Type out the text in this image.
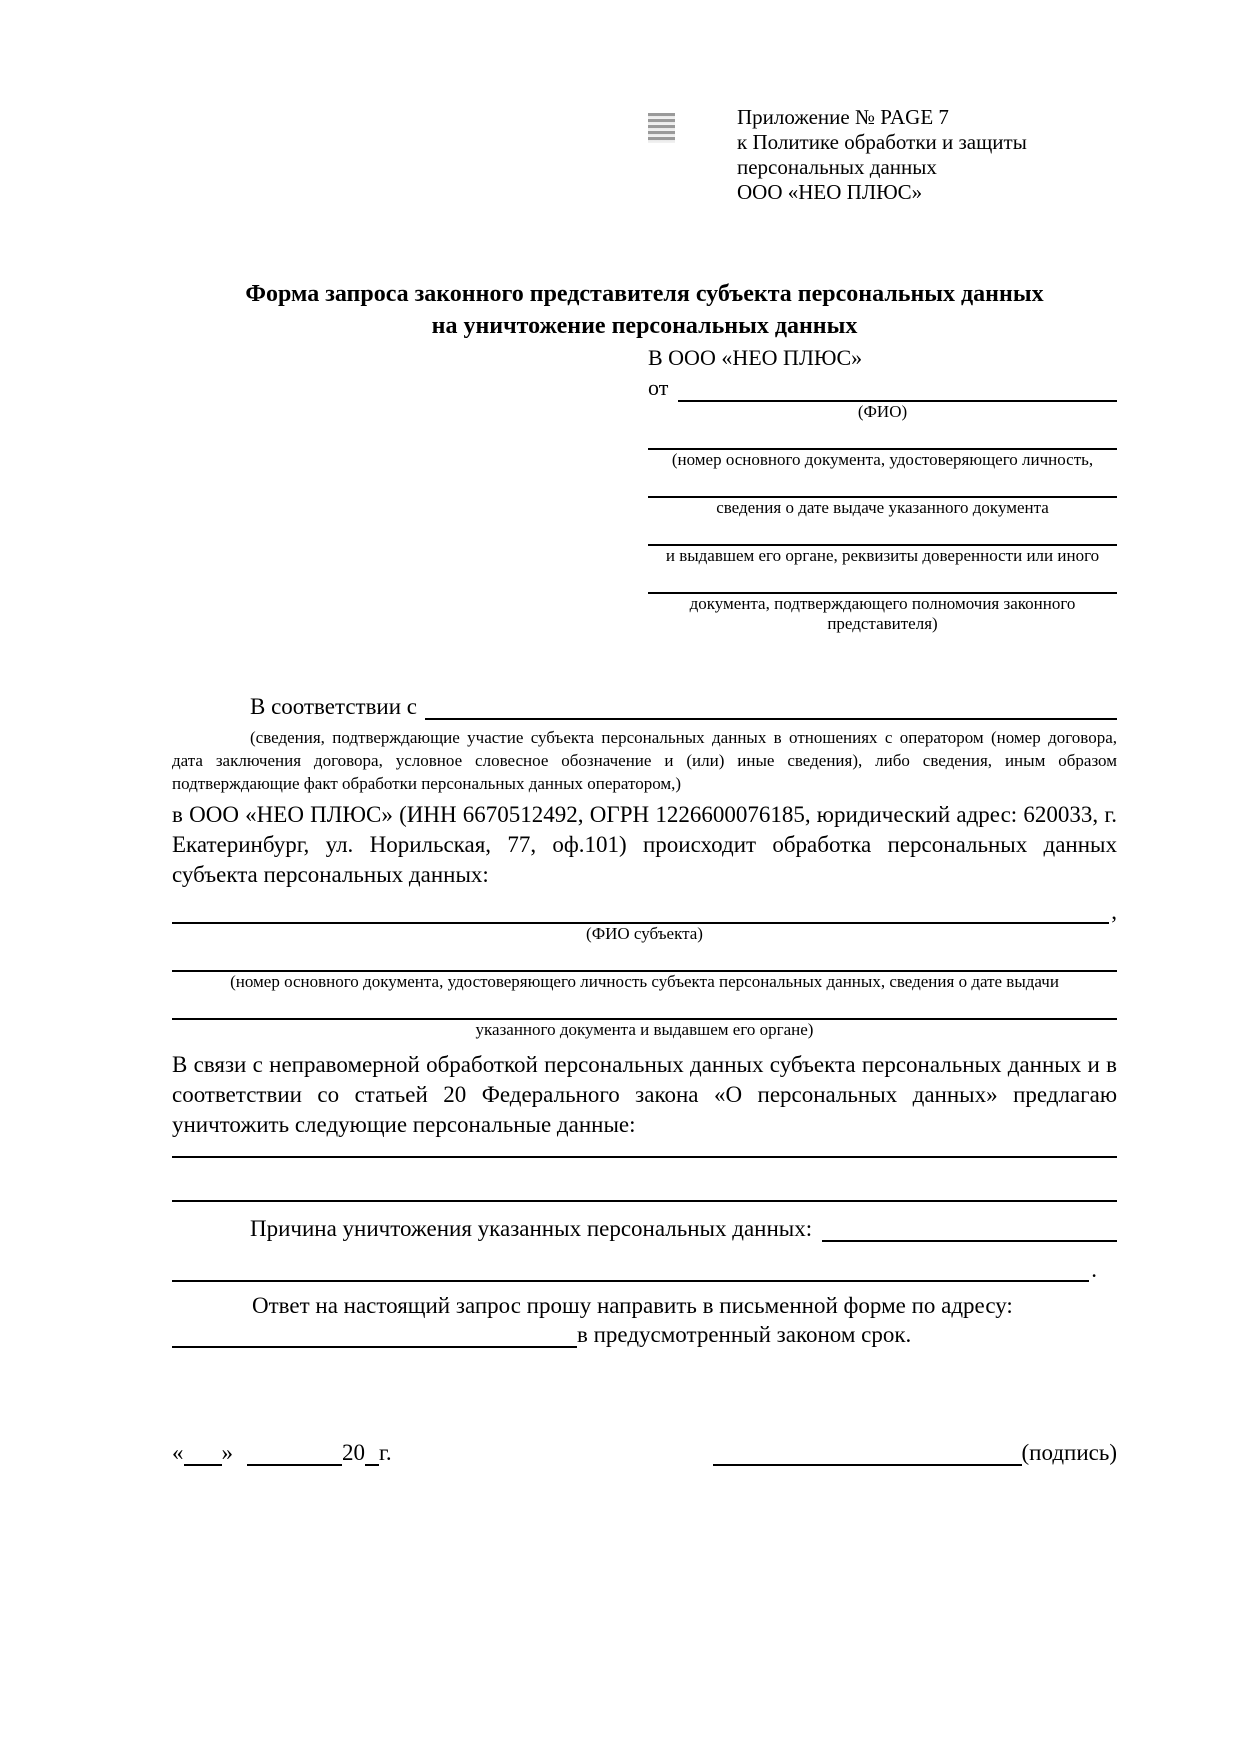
Приложение № PAGE 7
к Политике обработки и защиты
персональных данных
ООО «НЕО ПЛЮС»
Форма запроса законного представителя субъекта персональных данных
на уничтожение персональных данных
В ООО «НЕО ПЛЮС»
от
(ФИО)
(номер основного документа, удостоверяющего личность,
сведения о дате выдаче указанного документа
и выдавшем его органе, реквизиты доверенности или иного
документа, подтверждающего полномочия законного представителя)
В соответствии с

(сведения, подтверждающие участие субъекта персональных данных в отношениях с оператором (номер договора, дата заключения договора, условное словесное обозначение и (или) иные сведения), либо сведения, иным образом подтверждающие факт обработки персональных данных оператором,)

в ООО «НЕО ПЛЮС» (ИНН 6670512492, ОГРН 1226600076185, юридический адрес: 620033, г. Екатеринбург, ул. Норильская, 77, оф.101) происходит обработка персональных данных субъекта персональных данных:

,
(ФИО субъекта)
(номер основного документа, удостоверяющего личность субъекта персональных данных, сведения о дате выдачи
указанного документа и выдавшем его органе)

В связи с неправомерной обработкой персональных данных субъекта персональных данных и в соответствии со статьей 20 Федерального закона «О персональных данных» предлагаю уничтожить следующие персональные данные:

Причина уничтожения указанных персональных данных:
.
Ответ на настоящий запрос прошу направить в письменной форме по адресу:
в предусмотренный законом срок.
« »	20 г.	(подпись)
